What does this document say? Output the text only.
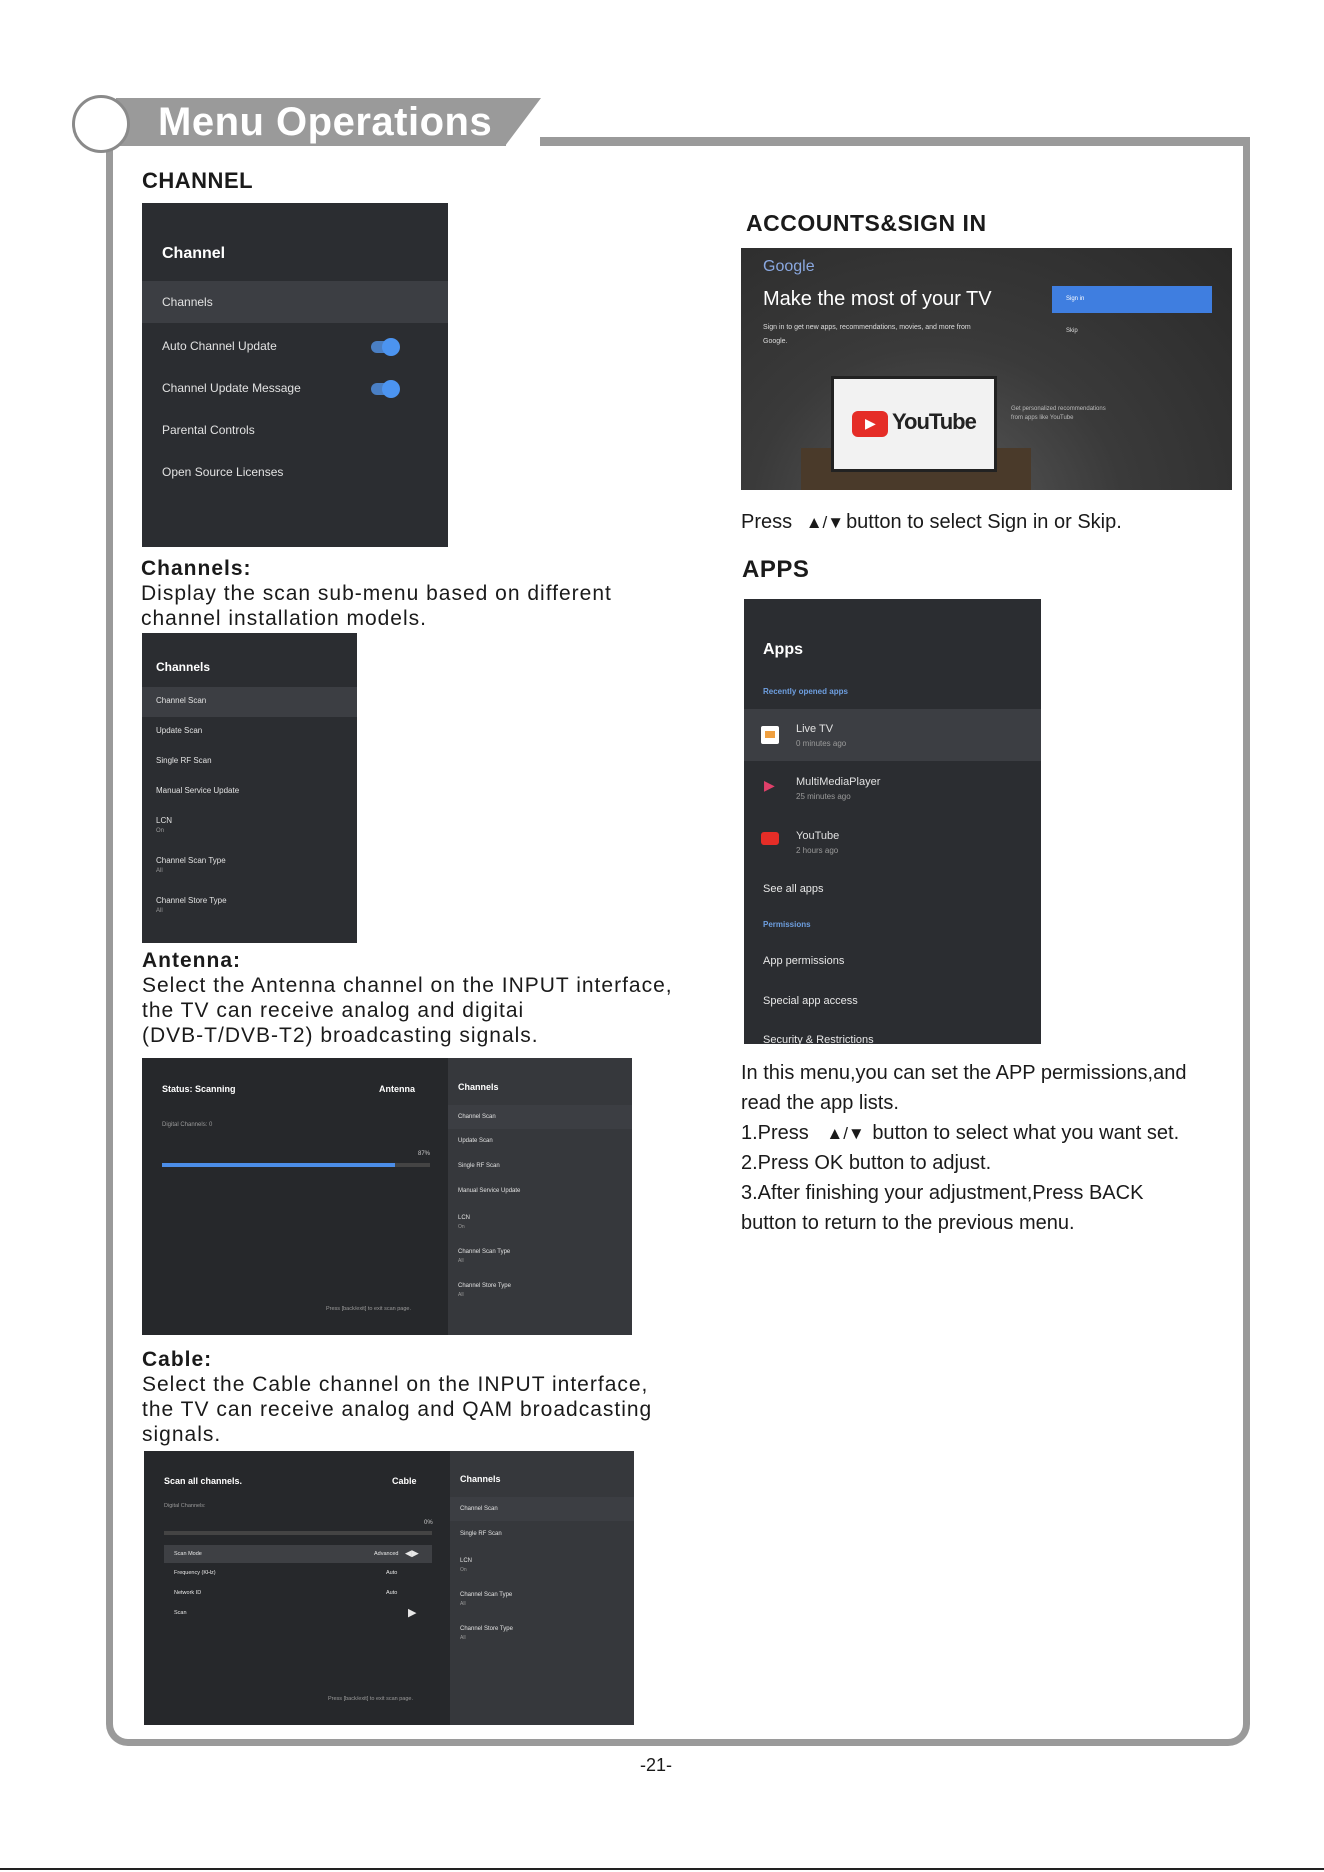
Menu Operations
CHANNEL
Channel
Channels
Auto Channel Update
Channel Update Message
Parental Controls
Open Source Licenses
Channels:
Display the scan sub-menu based on different
channel installation models.
Channels
Channel Scan
Update Scan
Single RF Scan
Manual Service Update
LCN
On
Channel Scan Type
All
Channel Store Type
All
Antenna:
Select the Antenna channel on the INPUT interface,
the TV can receive analog and digitai
(DVB-T/DVB-T2) broadcasting signals.
Status: Scanning	Antenna
Digital Channels: 0
87%
Press [back/exit] to exit scan page.
Channels
Channel Scan
Update Scan
Single RF Scan
Manual Service Update
LCN
On
Channel Scan Type
All
Channel Store Type
All
Cable:
Select the Cable channel on the INPUT interface,
the TV can receive analog and QAM broadcasting
signals.
Scan all channels.	Cable
Digital Channels:
0%
Scan Mode	Advanced ◀▶
Frequency (KHz)	Auto
Network ID	Auto
Scan	▶
Press [back/exit] to exit scan page.
Channels
Channel Scan
Single RF Scan
LCN
On
Channel Scan Type
All
Channel Store Type
All
ACCOUNTS&SIGN IN
Google
Make the most of your TV
Sign in to get new apps, recommendations, movies, and more from
Google.
Sign in
Skip
▶ YouTube	Get personalized recommendations
from apps like YouTube
Press ▲/▼ button to select Sign in or Skip.
APPS
Apps
Recently opened apps
Live TV
0 minutes ago
▶ MultiMediaPlayer
25 minutes ago
YouTube
2 hours ago
See all apps
Permissions
App permissions
Special app access
Security & Restrictions
In this menu,you can set the APP permissions,and
read the app lists.
1.Press ▲/▼ button to select what you want set.
2.Press OK button to adjust.
3.After finishing your adjustment,Press BACK
button to return to the previous menu.
-21-
